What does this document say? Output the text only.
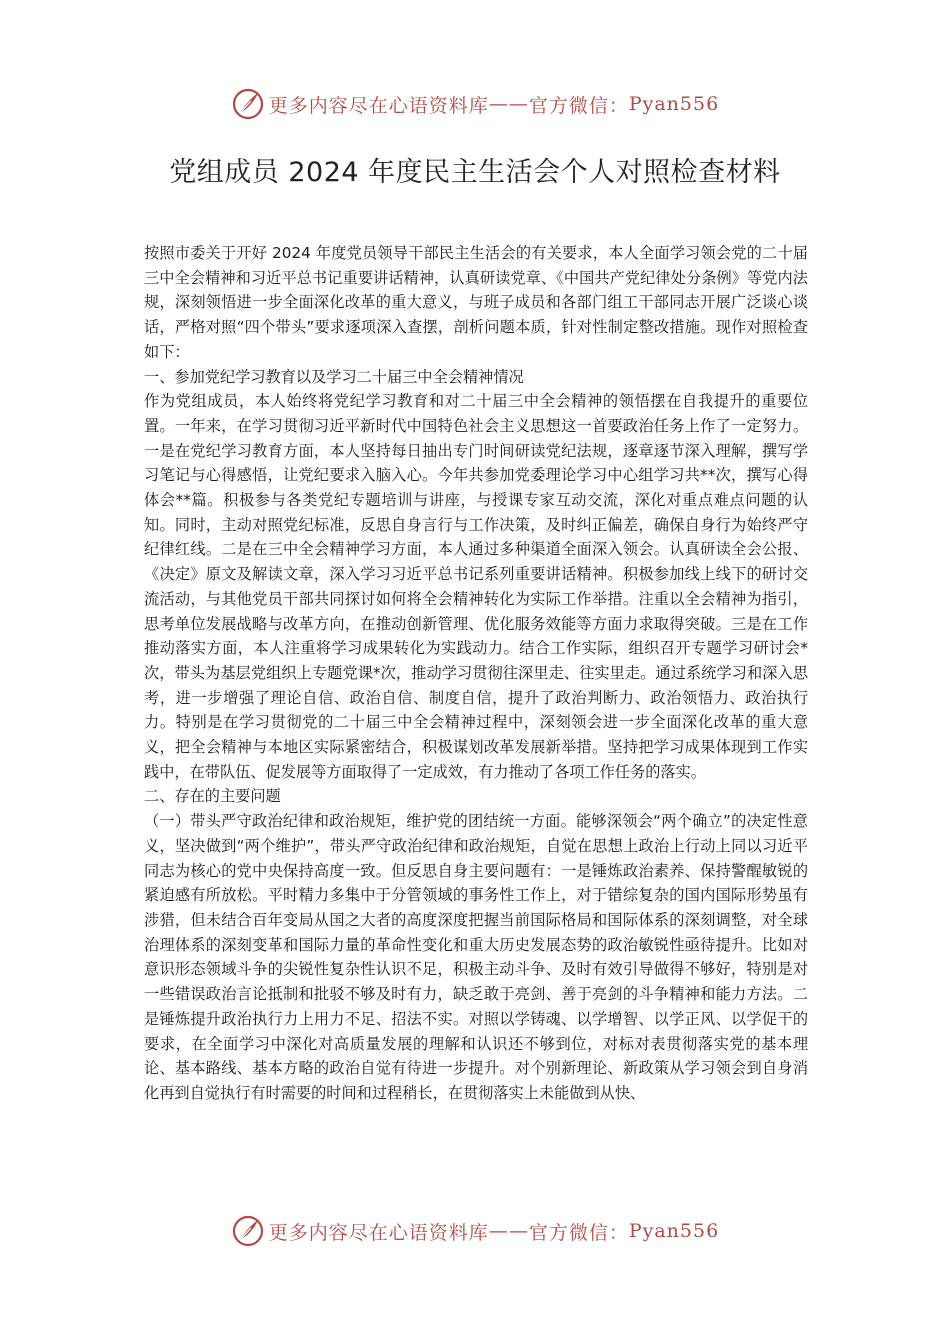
更多内容尽在心语资料库 —— 官方微信： Pyan556
党组成员 2024 年度民主生活会个人对照检查材料

按照市委关于开好 2024 年度党员领导干部民主生活会的有关要求，本人全面学习领会党的二十届三中全会精神和习近平总书记重要讲话精神，认真研读党章、《中国共产党纪律处分条例》等党内法规，深刻领悟进一步全面深化改革的重大意义，与班子成员和各部门组工干部同志开展广泛谈心谈话，严格对照“四个带头”要求逐项深入查摆，剖析问题本质，针对性制定整改措施。现作对照检查如下：

一、参加党纪学习教育以及学习二十届三中全会精神情况

作为党组成员，本人始终将党纪学习教育和对二十届三中全会精神的领悟摆在自我提升的重要位置。一年来，在学习贯彻习近平新时代中国特色社会主义思想这一首要政治任务上作了一定努力。一是在党纪学习教育方面，本人坚持每日抽出专门时间研读党纪法规，逐章逐节深入理解，撰写学习笔记与心得感悟，让党纪要求入脑入心。今年共参加党委理论学习中心组学习共**次，撰写心得体会**篇。积极参与各类党纪专题培训与讲座，与授课专家互动交流，深化对重点难点问题的认知。同时，主动对照党纪标准，反思自身言行与工作决策，及时纠正偏差，确保自身行为始终严守纪律红线。二是在三中全会精神学习方面，本人通过多种渠道全面深入领会。认真研读全会公报、《决定》原文及解读文章，深入学习习近平总书记系列重要讲话精神。积极参加线上线下的研讨交流活动，与其他党员干部共同探讨如何将全会精神转化为实际工作举措。注重以全会精神为指引，思考单位发展战略与改革方向，在推动创新管理、优化服务效能等方面力求取得突破。三是在工作推动落实方面，本人注重将学习成果转化为实践动力。结合工作实际，组织召开专题学习研讨会*次，带头为基层党组织上专题党课*次，推动学习贯彻往深里走、往实里走。通过系统学习和深入思考，进一步增强了理论自信、政治自信、制度自信，提升了政治判断力、政治领悟力、政治执行力。特别是在学习贯彻党的二十届三中全会精神过程中，深刻领会进一步全面深化改革的重大意义，把全会精神与本地区实际紧密结合，积极谋划改革发展新举措。坚持把学习成果体现到工作实践中，在带队伍、促发展等方面取得了一定成效，有力推动了各项工作任务的落实。

二、存在的主要问题

（一）带头严守政治纪律和政治规矩，维护党的团结统一方面。能够深领会“两个确立”的决定性意义，坚决做到“两个维护”，带头严守政治纪律和政治规矩，自觉在思想上政治上行动上同以习近平同志为核心的党中央保持高度一致。但反思自身主要问题有：一是锤炼政治素养、保持警醒敏锐的紧迫感有所放松。平时精力多集中于分管领域的事务性工作上，对于错综复杂的国内国际形势虽有涉猎，但未结合百年变局从国之大者的高度深度把握当前国际格局和国际体系的深刻调整，对全球治理体系的深刻变革和国际力量的革命性变化和重大历史发展态势的政治敏锐性亟待提升。比如对意识形态领域斗争的尖锐性复杂性认识不足，积极主动斗争、及时有效引导做得不够好，特别是对一些错误政治言论抵制和批驳不够及时有力，缺乏敢于亮剑、善于亮剑的斗争精神和能力方法。二是锤炼提升政治执行力上用力不足、招法不实。对照以学铸魂、以学增智、以学正风、以学促干的要求，在全面学习中深化对高质量发展的理解和认识还不够到位，对标对表贯彻落实党的基本理论、基本路线、基本方略的政治自觉有待进一步提升。对个别新理论、新政策从学习领会到自身消化再到自觉执行有时需要的时间和过程稍长，在贯彻落实上未能做到从快、

更多内容尽在心语资料库 —— 官方微信： Pyan556
